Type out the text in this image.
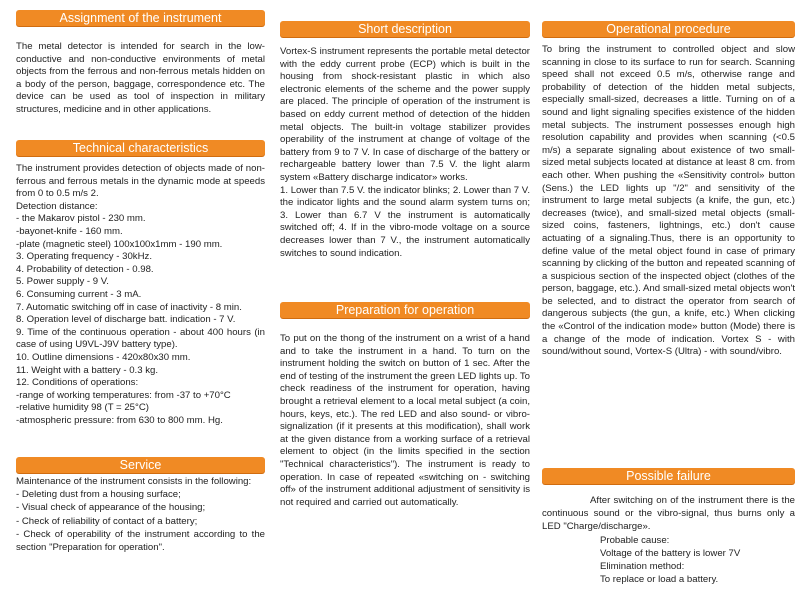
Assignment of the instrument

The metal detector is intended for search in the low-conductive and non-conductive environments of metal objects from the ferrous and non-ferrous metals hidden on a body of the person, baggage, correspondence etc. The device can be used as tool of inspection in military structures, medicine and in other applications.

Technical characteristics

The instrument provides detection of objects made of non-ferrous and ferrous metals in the dynamic mode at speeds from 0 to 0.5 m/s 2.

Detection distance:

- the Makarov pistol - 230 mm.

-bayonet-knife - 160 mm.

-plate (magnetic steel) 100x100x1mm - 190 mm.

3. Operating frequency - 30kHz.

4. Probability of detection - 0.98.

5. Power supply - 9 V.

6. Consuming current - 3 mA.

7. Automatic switching off in case of inactivity - 8 min.

8. Operation level of discharge batt. indication - 7 V.

9. Time of the continuous operation - about 400 hours (in case of using U9VL-J9V battery type).

10. Outline dimensions - 420x80x30 mm.

11. Weight with a battery - 0.3 kg.

12. Conditions of operations:

-range of working temperatures: from -37 to +70°C

-relative humidity 98 (T = 25°C)

-atmospheric pressure: from 630 to 800 mm. Hg.

Service

Maintenance of the instrument consists in the following:

- Deleting dust from a housing surface;

- Visual check of appearance of the housing;

- Check of reliability of contact of a battery;

- Check of operability of the instrument according to the section "Preparation for operation".

Short description

Vortex-S instrument represents the portable metal detector with the eddy current probe (ECP) which is built in the housing from shock-resistant plastic in which also electronic elements of the scheme and the power supply are placed. The principle of operation of the instrument is based on eddy current method of detection of the hidden metal objects. The built-in voltage stabilizer provides operability of the instrument at change of voltage of the battery from 9 to 7 V. In case of discharge of the battery or rechargeable battery lower than 7.5 V. the light alarm system «Battery discharge indicator» works.

1. Lower than 7.5 V. the indicator blinks; 2. Lower than 7 V. the indicator lights and the sound alarm system turns on; 3. Lower than 6.7 V the instrument is automatically switched off; 4. If in the vibro-mode voltage on a source decreases lower than 7 V., the instrument automatically switches to sound indication.

Preparation for operation

To put on the thong of the instrument on a wrist of a hand and to take the instrument in a hand. To turn on the instrument holding the switch on button of 1 sec. After the end of testing of the instrument the green LED lights up. To check readiness of the instrument for operation, having brought a retrieval element to a local metal subject (a coin, hours, keys, etc.). The red LED and also sound- or vibro-signalization (if it presents at this modification), shall work at the given distance from a working surface of a retrieval element to object (in the limits specified in the section "Technical characteristics"). The instrument is ready to operation. In case of repeated «switching on - switching off» of the instrument additional adjustment of sensitivity is not required and carried out automatically.

Operational procedure

To bring the instrument to controlled object and slow scanning in close to its surface to run for search. Scanning speed shall not exceed 0.5 m/s, otherwise range and probability of detection of the hidden metal subjects, especially small-sized, decreases a little. Turning on of a sound and light signaling specifies existence of the hidden metal subjects. The instrument possesses enough high resolution capability and provides when scanning (<0.5 m/s) a separate signaling about existence of two small-sized metal subjects located at distance at least 8 cm. from each other. When pushing the «Sensitivity control» button (Sens.) the LED lights up "/2" and sensitivity of the instrument to large metal subjects (a knife, the gun, etc.) decreases (twice), and small-sized metal objects (small-sized coins, fasteners, lightnings, etc.) don't cause actuating of a signaling.Thus, there is an opportunity to define value of the metal object found in case of primary scanning by clicking of the button and repeated scanning of a suspicious section of the inspected object (clothes of the person, baggage, etc.). And small-sized metal objects won't be selected, and to distract the operator from search of dangerous subjects (the gun, a knife, etc.) When clicking the «Control of the indication mode» button (Mode) there is a change of the mode of indication. Vortex S - with sound/without sound, Vortex-S (Ultra) - with sound/vibro.

Possible failure

After switching on of the instrument there is the continuous sound or the vibro-signal, thus burns only a LED "Charge/discharge».

Probable cause:

Voltage of the battery is lower 7V

Elimination method:

To replace or load a battery.
